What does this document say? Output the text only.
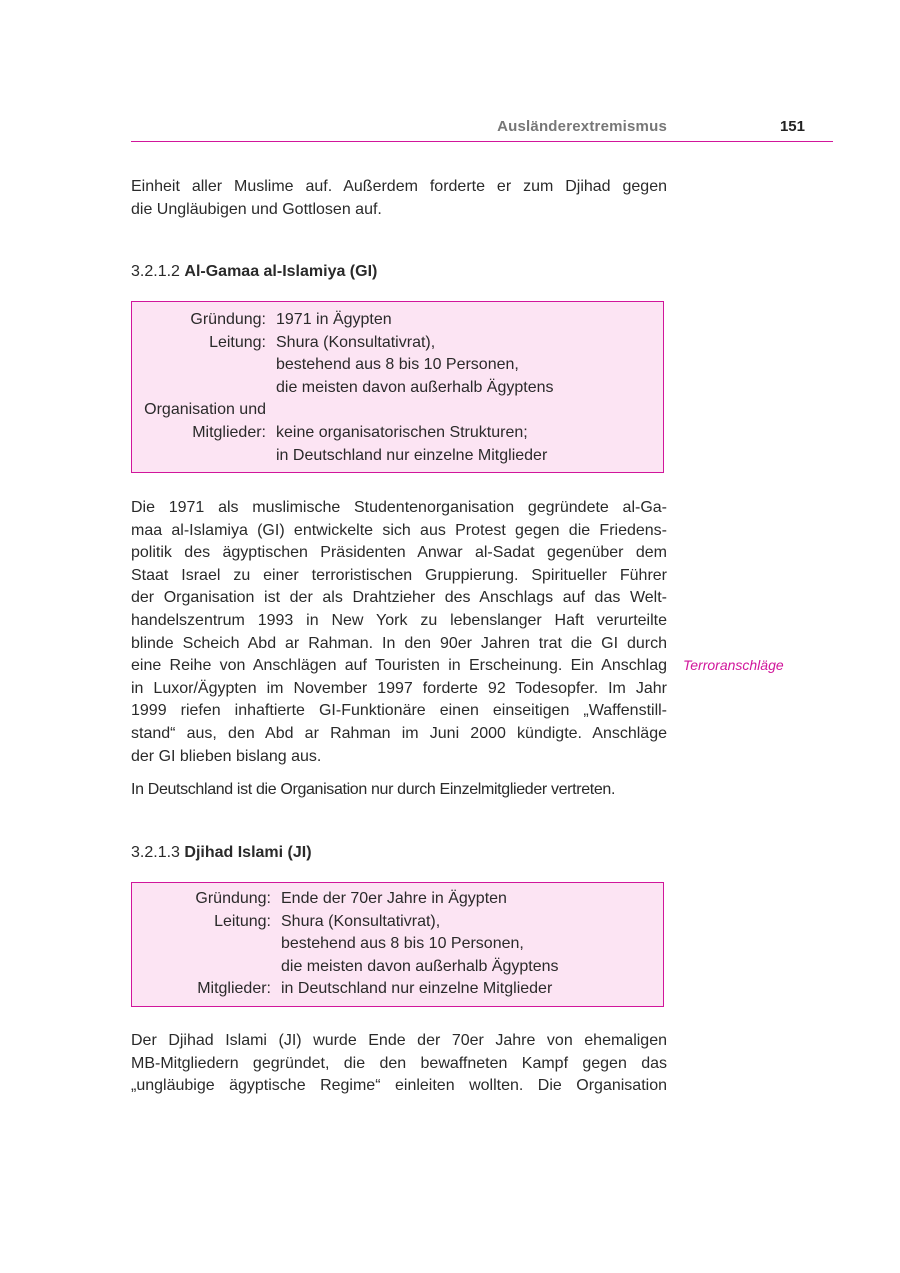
Ausländerextremismus	151
Einheit aller Muslime auf. Außerdem forderte er zum Djihad gegen
die Ungläubigen und Gottlosen auf.
3.2.1.2 Al-Gamaa al-Islamiya (GI)
Gründung:	1971 in Ägypten
Leitung:	Shura (Konsultativrat),
	bestehend aus 8 bis 10 Personen,
	die meisten davon außerhalb Ägyptens
Organisation und	
Mitglieder:	keine organisatorischen Strukturen;
	in Deutschland nur einzelne Mitglieder
Die 1971 als muslimische Studentenorganisation gegründete al-Ga-
maa al-Islamiya (GI) entwickelte sich aus Protest gegen die Friedens-
politik des ägyptischen Präsidenten Anwar al-Sadat gegenüber dem
Staat Israel zu einer terroristischen Gruppierung. Spiritueller Führer
der Organisation ist der als Drahtzieher des Anschlags auf das Welt-
handelszentrum 1993 in New York zu lebenslanger Haft verurteilte
blinde Scheich Abd ar Rahman. In den 90er Jahren trat die GI durch
eine Reihe von Anschlägen auf Touristen in Erscheinung. Ein Anschlag
in Luxor/Ägypten im November 1997 forderte 92 Todesopfer. Im Jahr
1999 riefen inhaftierte GI-Funktionäre einen einseitigen „Waffenstill-
stand“ aus, den Abd ar Rahman im Juni 2000 kündigte. Anschläge
der GI blieben bislang aus.
Terroranschläge
In Deutschland ist die Organisation nur durch Einzelmitglieder vertreten.
3.2.1.3 Djihad Islami (JI)
Gründung:	Ende der 70er Jahre in Ägypten
Leitung:	Shura (Konsultativrat),
	bestehend aus 8 bis 10 Personen,
	die meisten davon außerhalb Ägyptens
Mitglieder:	in Deutschland nur einzelne Mitglieder
Der Djihad Islami (JI) wurde Ende der 70er Jahre von ehemaligen
MB-Mitgliedern gegründet, die den bewaffneten Kampf gegen das
„ungläubige ägyptische Regime“ einleiten wollten. Die Organisation
